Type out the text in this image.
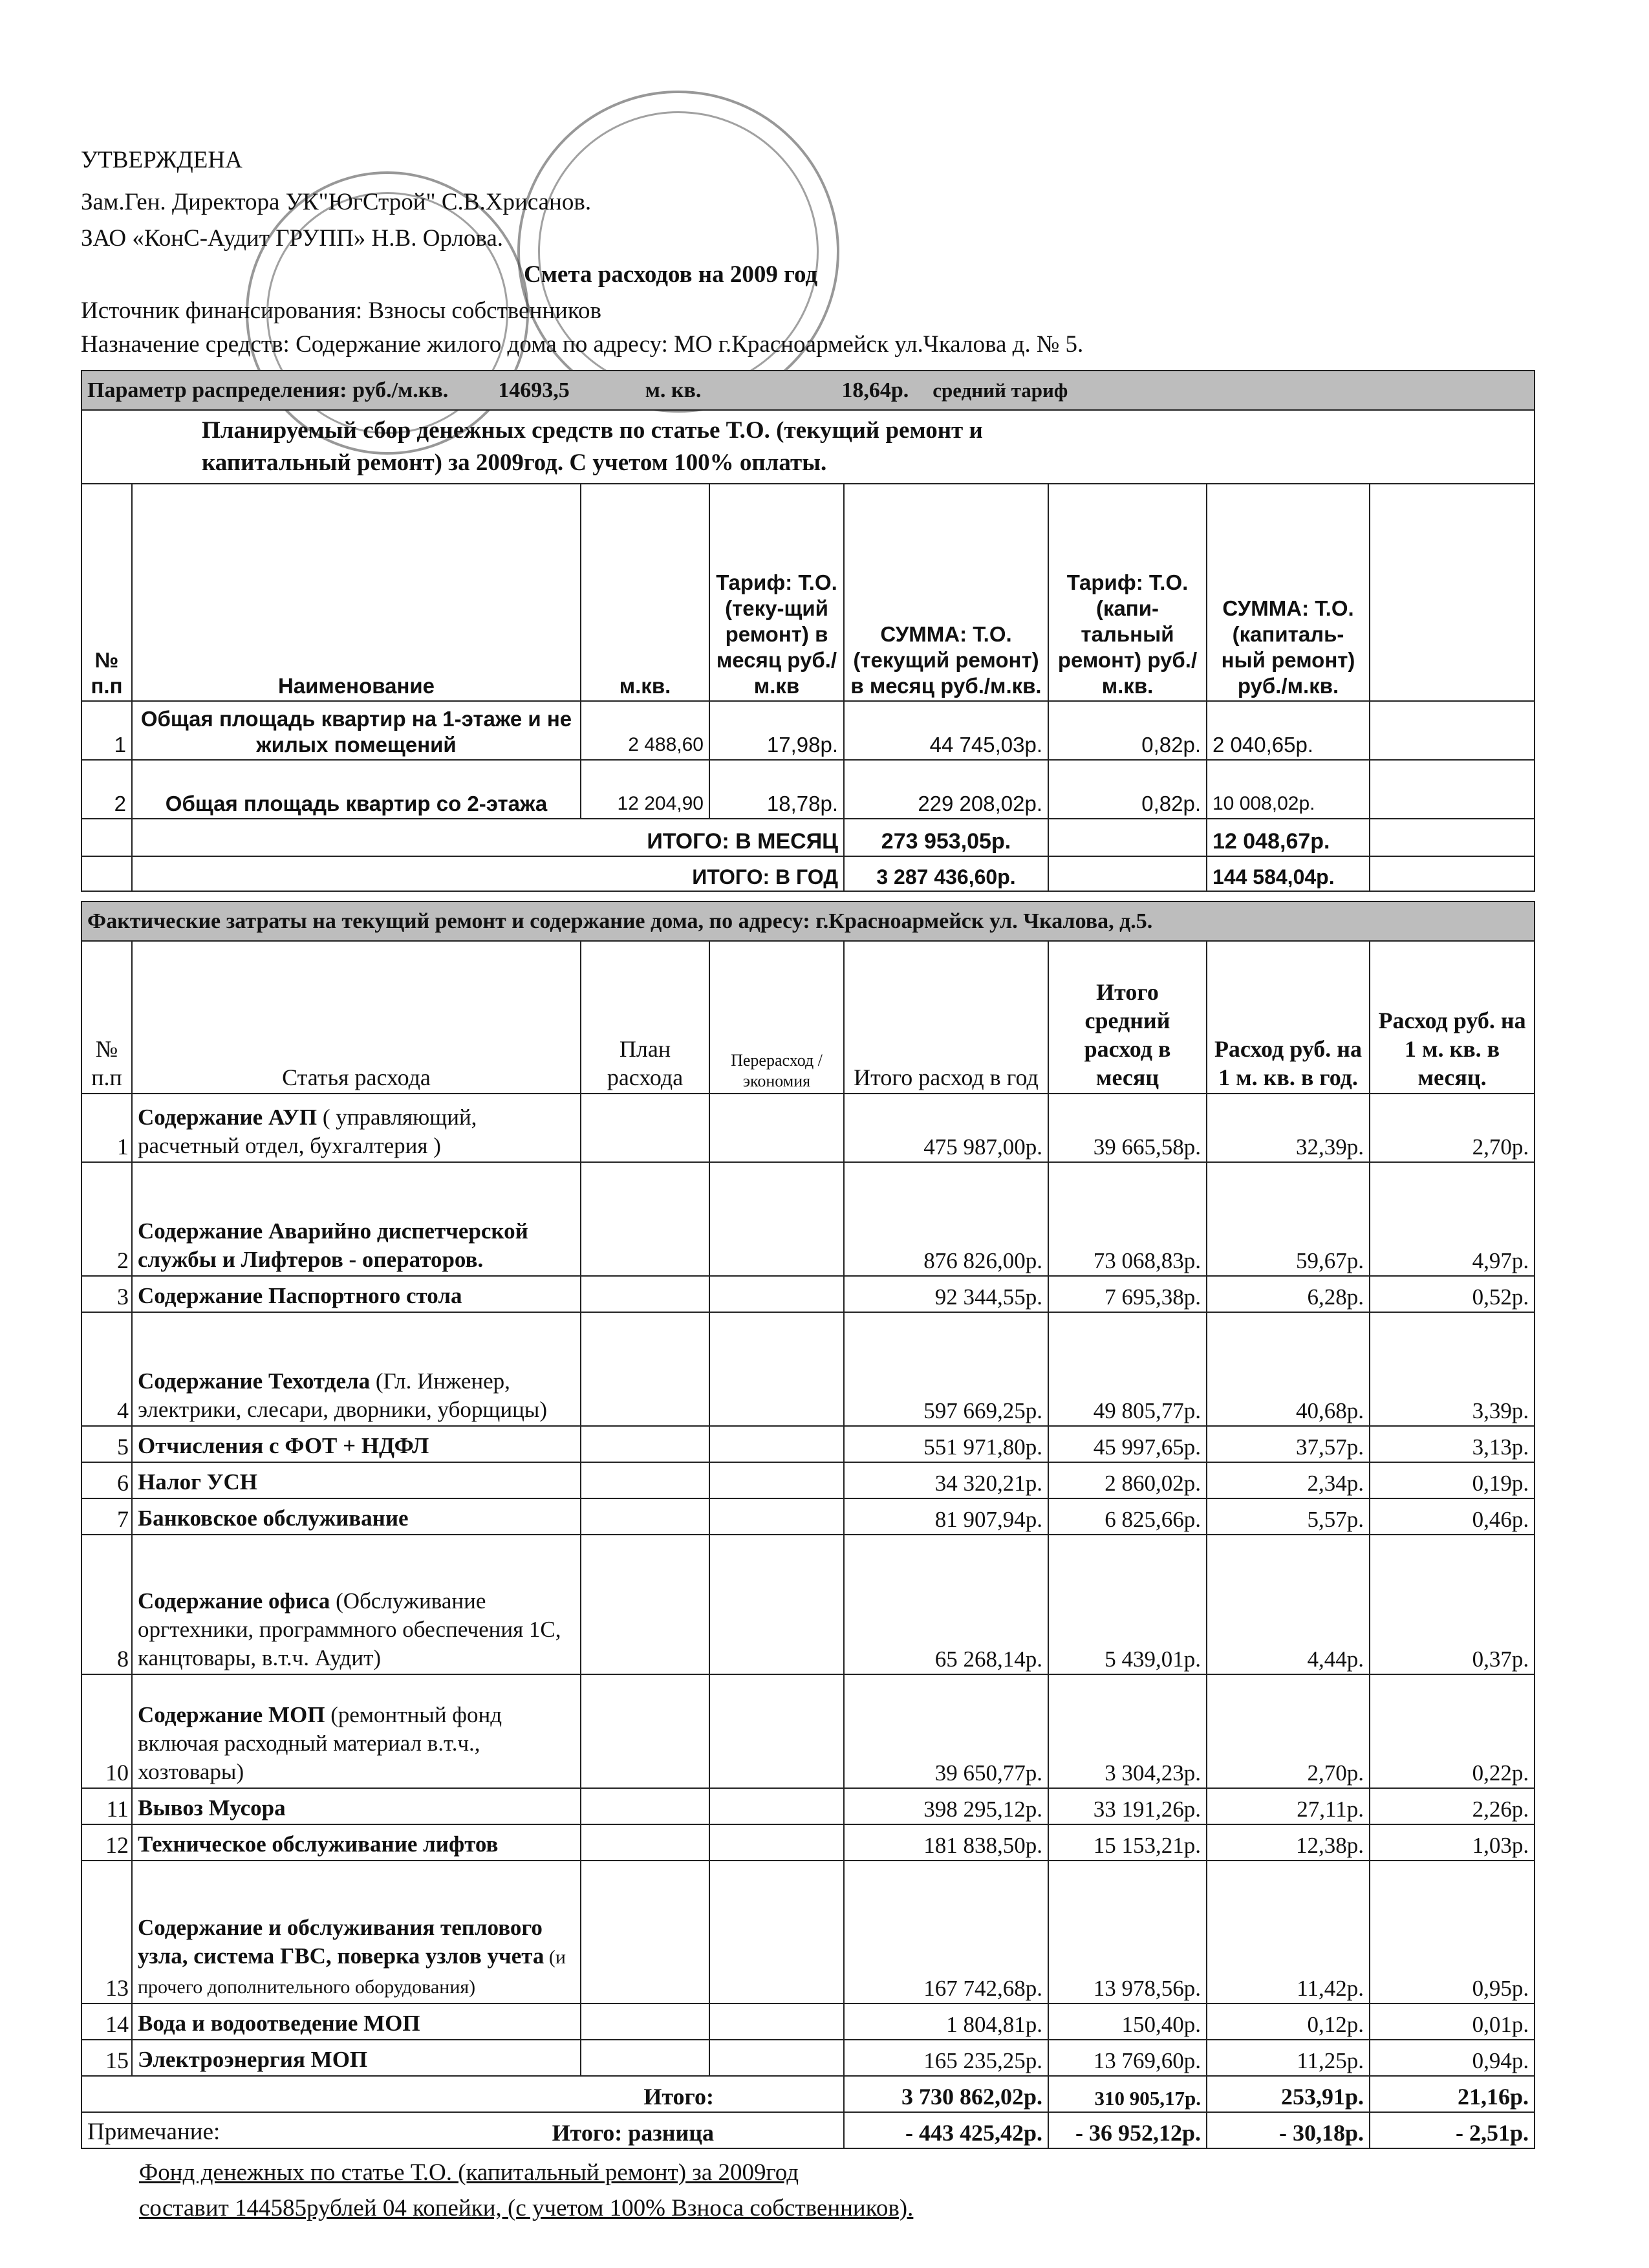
УТВЕРЖДЕНА
Зам.Ген. Директора УК"ЮгСтрой" С.В.Хрисанов.
ЗАО «КонС-Аудит ГРУПП» Н.В. Орлова.
Смета расходов на 2009 год
Источник финансирования: Взносы собственников
Назначение средств: Содержание жилого дома по адресу: МО г.Красноармейск ул.Чкалова д. № 5.
Параметр распределения: руб./м.кв. 14693,5 м. кв. 18,64р. средний тариф							

Планируемый сбор денежных средств по статье Т.О. (текущий ремонт и
капитальный ремонт) за 2009год. С учетом 100% оплаты.							

№ п.п	Наименование	м.кв.	Тариф: Т.О.(теку-щий ремонт) в месяц руб./м.кв	СУММА: Т.О.(текущий ремонт) в месяц руб./м.кв.	Тариф: Т.О.(капи-тальный ремонт) руб./м.кв.	СУММА: Т.О. (капиталь-ный ремонт) руб./м.кв.	
1	Общая площадь квартир на 1-этаже и не жилых помещений	2 488,60	17,98р.	44 745,03р.	0,82р.	2 040,65р.	
2	Общая площадь квартир со 2-этажа	12 204,90	18,78р.	229 208,02р.	0,82р.	10 008,02р.	
	ИТОГО: В МЕСЯЦ			273 953,05р.		12 048,67р.	
	ИТОГО: В ГОД			3 287 436,60р.		144 584,04р.	
Фактические затраты на текущий ремонт и содержание дома, по адресу: г.Красноармейск ул. Чкалова, д.5.							
№ п.п	Статья расхода	План расхода	Перерасход / экономия	Итого расход в год	Итого средний расход в месяц	Расход руб. на 1 м. кв. в год.	Расход руб. на 1 м. кв. в месяц.
1	Содержание АУП ( управляющий, расчетный отдел, бухгалтерия )			475 987,00р.	39 665,58р.	32,39р.	2,70р.
2	Содержание Аварийно диспетчерской службы и Лифтеров - операторов.			876 826,00р.	73 068,83р.	59,67р.	4,97р.
3	Содержание Паспортного стола			92 344,55р.	7 695,38р.	6,28р.	0,52р.
4	Содержание Техотдела (Гл. Инженер, электрики, слесари, дворники, уборщицы)			597 669,25р.	49 805,77р.	40,68р.	3,39р.
5	Отчисления с ФОТ + НДФЛ			551 971,80р.	45 997,65р.	37,57р.	3,13р.
6	Налог УСН			34 320,21р.	2 860,02р.	2,34р.	0,19р.
7	Банковское обслуживание			81 907,94р.	6 825,66р.	5,57р.	0,46р.
8	Содержание офиса (Обслуживание оргтехники, программного обеспечения 1С, канцтовары, в.т.ч. Аудит)			65 268,14р.	5 439,01р.	4,44р.	0,37р.
10	Содержание МОП (ремонтный фонд включая расходный материал в.т.ч., хозтовары)			39 650,77р.	3 304,23р.	2,70р.	0,22р.
11	Вывоз Мусора			398 295,12р.	33 191,26р.	27,11р.	2,26р.
12	Техническое обслуживание лифтов			181 838,50р.	15 153,21р.	12,38р.	1,03р.
13	Содержание и обслуживания теплового узла, система ГВС, поверка узлов учета (и прочего дополнительного оборудования)			167 742,68р.	13 978,56р.	11,42р.	0,95р.
14	Вода и водоотведение МОП			1 804,81р.	150,40р.	0,12р.	0,01р.
15	Электроэнергия МОП			165 235,25р.	13 769,60р.	11,25р.	0,94р.
Итого:				3 730 862,02р.	310 905,17р.	253,91р.	21,16р.
Итого: разница				- 443 425,42р.	- 36 952,12р.	- 30,18р.	- 2,51р.
Примечание:
Фонд денежных по статье Т.О. (капитальный ремонт) за 2009год
составит 144585рублей 04 копейки, (с учетом 100% Взноса собственников).
